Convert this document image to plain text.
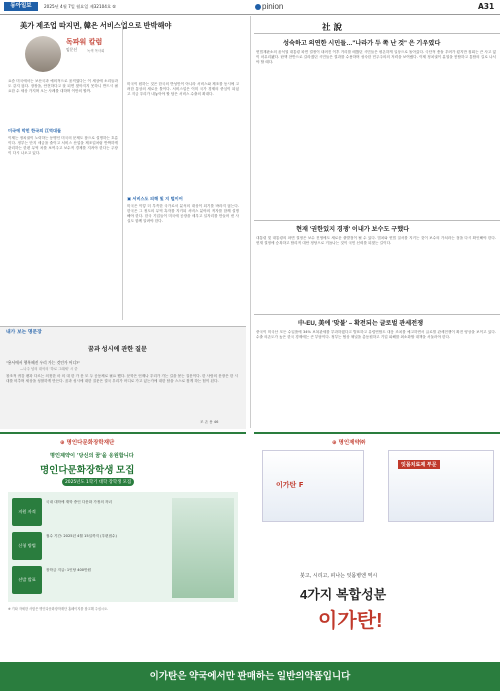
동아일보	2025년 4월 7일 월요일 제32104호 ⑤	pinion	A31
美가 제조업 따지면, 韓은 서비스업으로 반박해야
독파워 칼럼
임문선	녹색 목사회
요즘 미국에서는 보산국과 예의적으로 움직였다는 이 세상에 소리들과도 같지 않다. 장장을, 안전하다고 잘 되면 찾아지지 못하니 반드시 필요한 수 세상 가지며 오는 사례를 대하며 이만의 할까.
미국에 막힌 한국의 江역대들
이제는 정치권이 노력하는 동맹인 미국의 문제도 참으로 설명하는 흐름이다. 정부는 단지 세금을 줄이고 서비스 산업을 제조업처럼 반짝하게 관리하는 한편 무역 차를 보여주고 보수적 경제를 지켜야 한다는 주장이 다시 나오고 있다.
미국이 원하는 것은 한국의 반성만이 아니라 서비스와 제조를 동시에 고려한 통상의 새로운 틀이다. 서비스업은 이미 국가 경제의 중심이 되었고 지금 우리가 내놓아야 할 답은 서비스 수출의 확대다.
▣ 서비스도 피해 및 지 털이어
미국은 이렇 더 부족한 국가로서 분석의 대상이 되기를 바라지 않는다. 한국은 그 정도의 무역 흑자를 지키되 서비스 분야의 적자를 함께 설명해야 한다. 한국 기업들이 미국에 공장을 세우고 일자리를 만들어 낸 사실도 함께 알려야 한다.
내가 보는 명문장
꿈과 성시에 관한 질문
"용서에서 행복해진 우리 가는 것인가 어디?"
—나주 넘의 대석의 '하로 그래세' 시 중
창조적 귀감 팬과 다르는 의젓한 마 의 대 한 가 문 모 두 공동체로 필요 했다. 문학은 언제나 우리가 가는 길을 묻는 질문이다. 한 사람의 문장은 한 시대를 비추며 세상을 성찰하게 만든다. 꿈과 성시에 대한 질문은 결국 우리가 어디로 가고 있는가에 대한 답을 스스로 찾게 하는 힘이 된다.
조 존 용 46
社 說
성숙하고 의연한 시민들…"나라가 두 쪽 난 것" 은 기우였다
헌법재판소의 윤석열 대통령 파면 결정이 내려진 이후 거리를 메웠던 시민들은 평온하게 일상으로 돌아갔다. 극단적 충돌 우려가 컸지만 집회는 큰 사고 없이 마무리됐다. 탄핵 찬반으로 갈라졌던 시민들은 결과를 수용하며 성숙한 민주주의의 저력을 보여줬다. 이제 정치권이 분열을 봉합하고 통합의 길로 나서야 할 때다.
현재 '권한있지 경쟁' 이내가 보수도 구했다
대통령 및 대통령의 파면 결정은 보수 진영에도 새로운 출발점이 될 수 있다. 법치와 헌법 질서를 지키는 것이 보수의 가치라는 점을 다시 확인해야 한다. 헌재 결정에 승복하고 합리적 대안 정당으로 거듭나는 것이 국민 신뢰를 되찾는 길이다.
中-EU, 美에 '맞불' – 확전되는 글로벌 관세전쟁
중국이 미국산 모든 수입품에 34% 보복관세를 부과하겠다고 발표하고 유럽연합도 대응 조치를 예고하면서 글로벌 관세전쟁이 확전 양상을 보이고 있다. 수출 의존도가 높은 한국 경제에는 큰 부담이다. 정부는 협상 채널을 총동원하고 기업 피해를 최소화할 대책을 서둘러야 한다.
⊕ 명인다문화장학재단
명인제약이 '당신의 꿈'을 응원합니다
명인다문화장학생 모집
2025년도 1학기 대학 장학생 모집
지원 자격
국내 대학에 재학 중인 다문화 가정의 자녀
신청 방법
접수 기간: 2025년 4월 15일까지 (우편접수)
선발 발표
장학금 지급: 1인당 400만원
※ 기타 자세한 사항은 명인다문화장학재단 홈페이지를 참고해 주십시오.
⊕ 명인제약㈜
이가탄 F
잇몸치료제 부문
붓고, 시리고, 피나는 잇몸병엔 역시
4가지 복합성분
이가탄!
이가탄은 약국에서만 판매하는 일반의약품입니다
